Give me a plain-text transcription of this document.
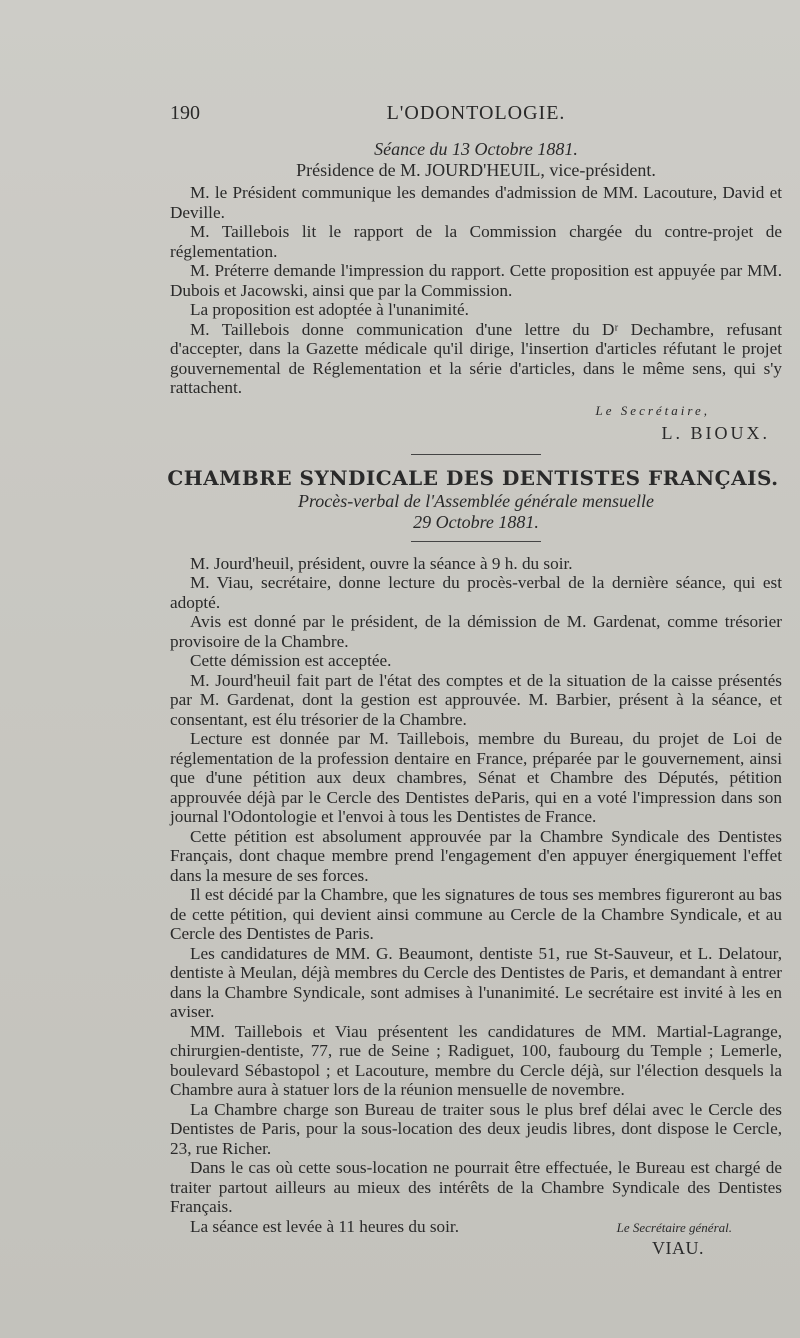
190	L'ODONTOLOGIE.
Séance du 13 Octobre 1881.
Présidence de M. JOURD'HEUIL, vice-président.

M. le Président communique les demandes d'admission de MM. Lacouture, David et Deville.

M. Taillebois lit le rapport de la Commission chargée du contre-projet de réglementation.

M. Préterre demande l'impression du rapport. Cette proposition est appuyée par MM. Dubois et Jacowski, ainsi que par la Commission.

La proposition est adoptée à l'unanimité.

M. Taillebois donne communication d'une lettre du Dʳ Dechambre, refusant d'accepter, dans la Gazette médicale qu'il dirige, l'insertion d'articles réfutant le projet gouvernemental de Réglementation et la série d'articles, dans le même sens, qui s'y rattachent.

Le Secrétaire,
L. BIOUX.
CHAMBRE SYNDICALE DES DENTISTES FRANÇAIS.
Procès-verbal de l'Assemblée générale mensuelle
29 Octobre 1881.

M. Jourd'heuil, président, ouvre la séance à 9 h. du soir.

M. Viau, secrétaire, donne lecture du procès-verbal de la dernière séance, qui est adopté.

Avis est donné par le président, de la démission de M. Gardenat, comme trésorier provisoire de la Chambre.

Cette démission est acceptée.

M. Jourd'heuil fait part de l'état des comptes et de la situation de la caisse présentés par M. Gardenat, dont la gestion est approuvée. M. Barbier, présent à la séance, et consentant, est élu trésorier de la Chambre.

Lecture est donnée par M. Taillebois, membre du Bureau, du projet de Loi de réglementation de la profession dentaire en France, préparée par le gouvernement, ainsi que d'une pétition aux deux chambres, Sénat et Chambre des Députés, pétition approuvée déjà par le Cercle des Dentistes deParis, qui en a voté l'impression dans son journal l'Odontologie et l'envoi à tous les Dentistes de France.

Cette pétition est absolument approuvée par la Chambre Syndicale des Dentistes Français, dont chaque membre prend l'engagement d'en appuyer énergiquement l'effet dans la mesure de ses forces.

Il est décidé par la Chambre, que les signatures de tous ses membres figureront au bas de cette pétition, qui devient ainsi commune au Cercle de la Chambre Syndicale, et au Cercle des Dentistes de Paris.

Les candidatures de MM. G. Beaumont, dentiste 51, rue St-Sauveur, et L. Delatour, dentiste à Meulan, déjà membres du Cercle des Dentistes de Paris, et demandant à entrer dans la Chambre Syndicale, sont admises à l'unanimité. Le secrétaire est invité à les en aviser.

MM. Taillebois et Viau présentent les candidatures de MM. Martial-Lagrange, chirurgien-dentiste, 77, rue de Seine ; Radiguet, 100, faubourg du Temple ; Lemerle, boulevard Sébastopol ; et Lacouture, membre du Cercle déjà, sur l'élection desquels la Chambre aura à statuer lors de la réunion mensuelle de novembre.

La Chambre charge son Bureau de traiter sous le plus bref délai avec le Cercle des Dentistes de Paris, pour la sous-location des deux jeudis libres, dont dispose le Cercle, 23, rue Richer.

Dans le cas où cette sous-location ne pourrait être effectuée, le Bureau est chargé de traiter partout ailleurs au mieux des intérêts de la Chambre Syndicale des Dentistes Français.

La séance est levée à 11 heures du soir.	Le Secrétaire général.
VIAU.
